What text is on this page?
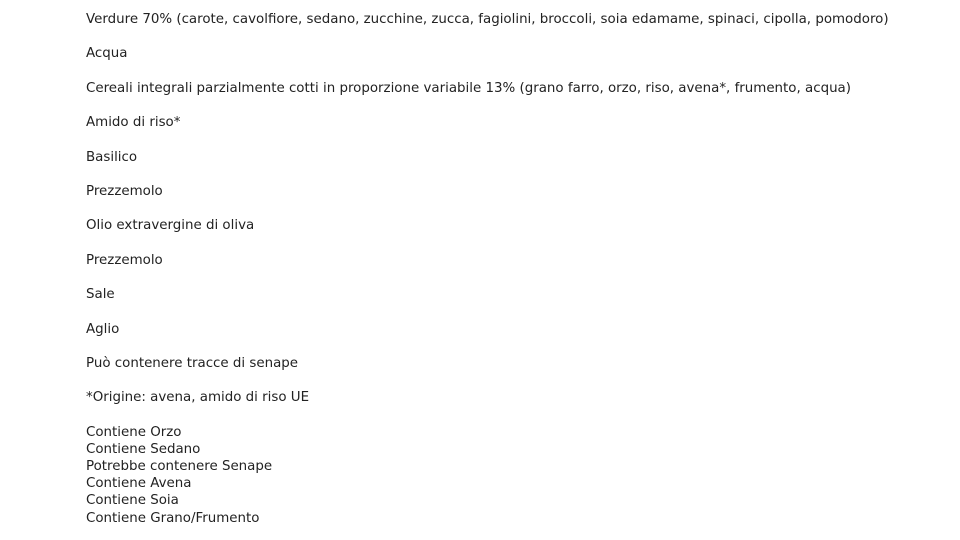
Verdure 70% (carote, cavolfiore, sedano, zucchine, zucca, fagiolini, broccoli, soia edamame, spinaci, cipolla, pomodoro)
Acqua
Cereali integrali parzialmente cotti in proporzione variabile 13% (grano farro, orzo, riso, avena*, frumento, acqua)
Amido di riso*
Basilico
Prezzemolo
Olio extravergine di oliva
Prezzemolo
Sale
Aglio
Può contenere tracce di senape
*Origine: avena, amido di riso UE
Contiene Orzo
Contiene Sedano
Potrebbe contenere Senape
Contiene Avena
Contiene Soia
Contiene Grano/Frumento
